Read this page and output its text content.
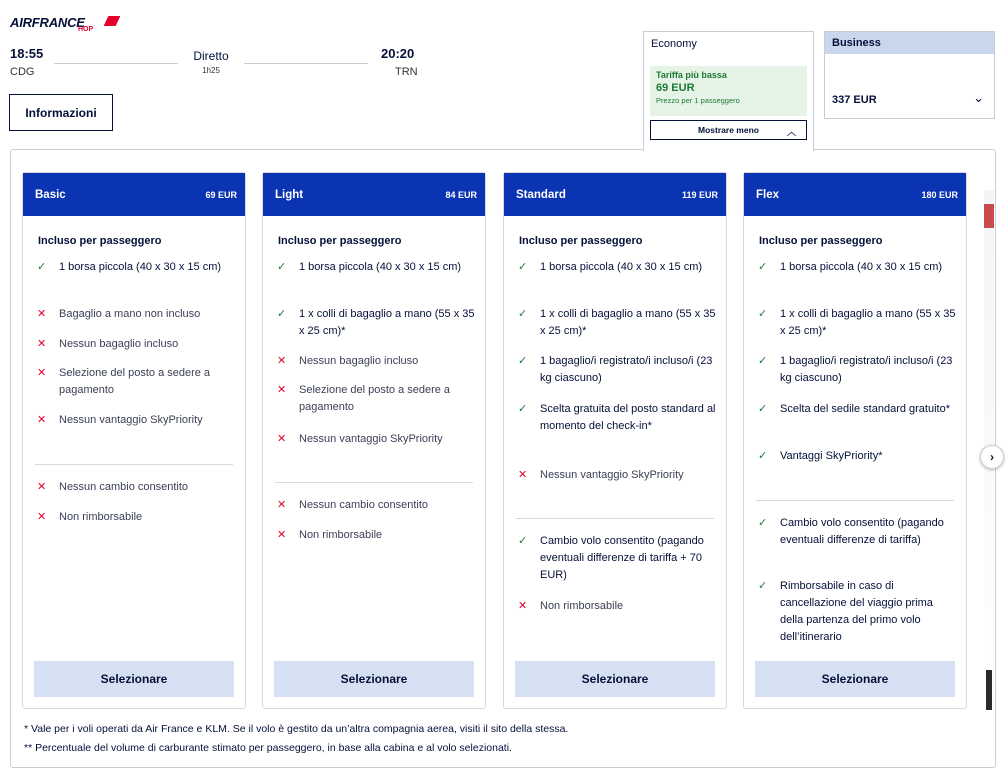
AIRFRANCE
HOP
18:55
CDG
Diretto
1h25
20:20
TRN
Informazioni
Economy
Tariffa più bassa
69 EUR
Prezzo per 1 passeggero
Mostrare meno	︿
Business
337 EUR	⌄
Basic	69 EUR
Incluso per passeggero
✓ 1 borsa piccola (40 x 30 x 15 cm)
✕ Bagaglio a mano non incluso
✕ Nessun bagaglio incluso
✕ Selezione del posto a sedere a pagamento
✕ Nessun vantaggio SkyPriority
✕ Nessun cambio consentito
✕ Non rimborsabile
Selezionare
Light	84 EUR
Incluso per passeggero
✓ 1 borsa piccola (40 x 30 x 15 cm)
✓ 1 x colli di bagaglio a mano (55 x 35 x 25 cm)*
✕ Nessun bagaglio incluso
✕ Selezione del posto a sedere a pagamento
✕ Nessun vantaggio SkyPriority
✕ Nessun cambio consentito
✕ Non rimborsabile
Selezionare
Standard	119 EUR
Incluso per passeggero
✓ 1 borsa piccola (40 x 30 x 15 cm)
✓ 1 x colli di bagaglio a mano (55 x 35 x 25 cm)*
✓ 1 bagaglio/i registrato/i incluso/i (23 kg ciascuno)
✓ Scelta gratuita del posto standard al momento del check-in*
✕ Nessun vantaggio SkyPriority
✓ Cambio volo consentito (pagando eventuali differenze di tariffa + 70 EUR)
✕ Non rimborsabile
Selezionare
Flex	180 EUR
Incluso per passeggero
✓ 1 borsa piccola (40 x 30 x 15 cm)
✓ 1 x colli di bagaglio a mano (55 x 35 x 25 cm)*
✓ 1 bagaglio/i registrato/i incluso/i (23 kg ciascuno)
✓ Scelta del sedile standard gratuito*
✓ Vantaggi SkyPriority*
✓ Cambio volo consentito (pagando eventuali differenze di tariffa)
✓ Rimborsabile in caso di cancellazione del viaggio prima della partenza del primo volo dell’itinerario
Selezionare
›
* Vale per i voli operati da Air France e KLM. Se il volo è gestito da un’altra compagnia aerea, visiti il sito della stessa.
** Percentuale del volume di carburante stimato per passeggero, in base alla cabina e al volo selezionati.
